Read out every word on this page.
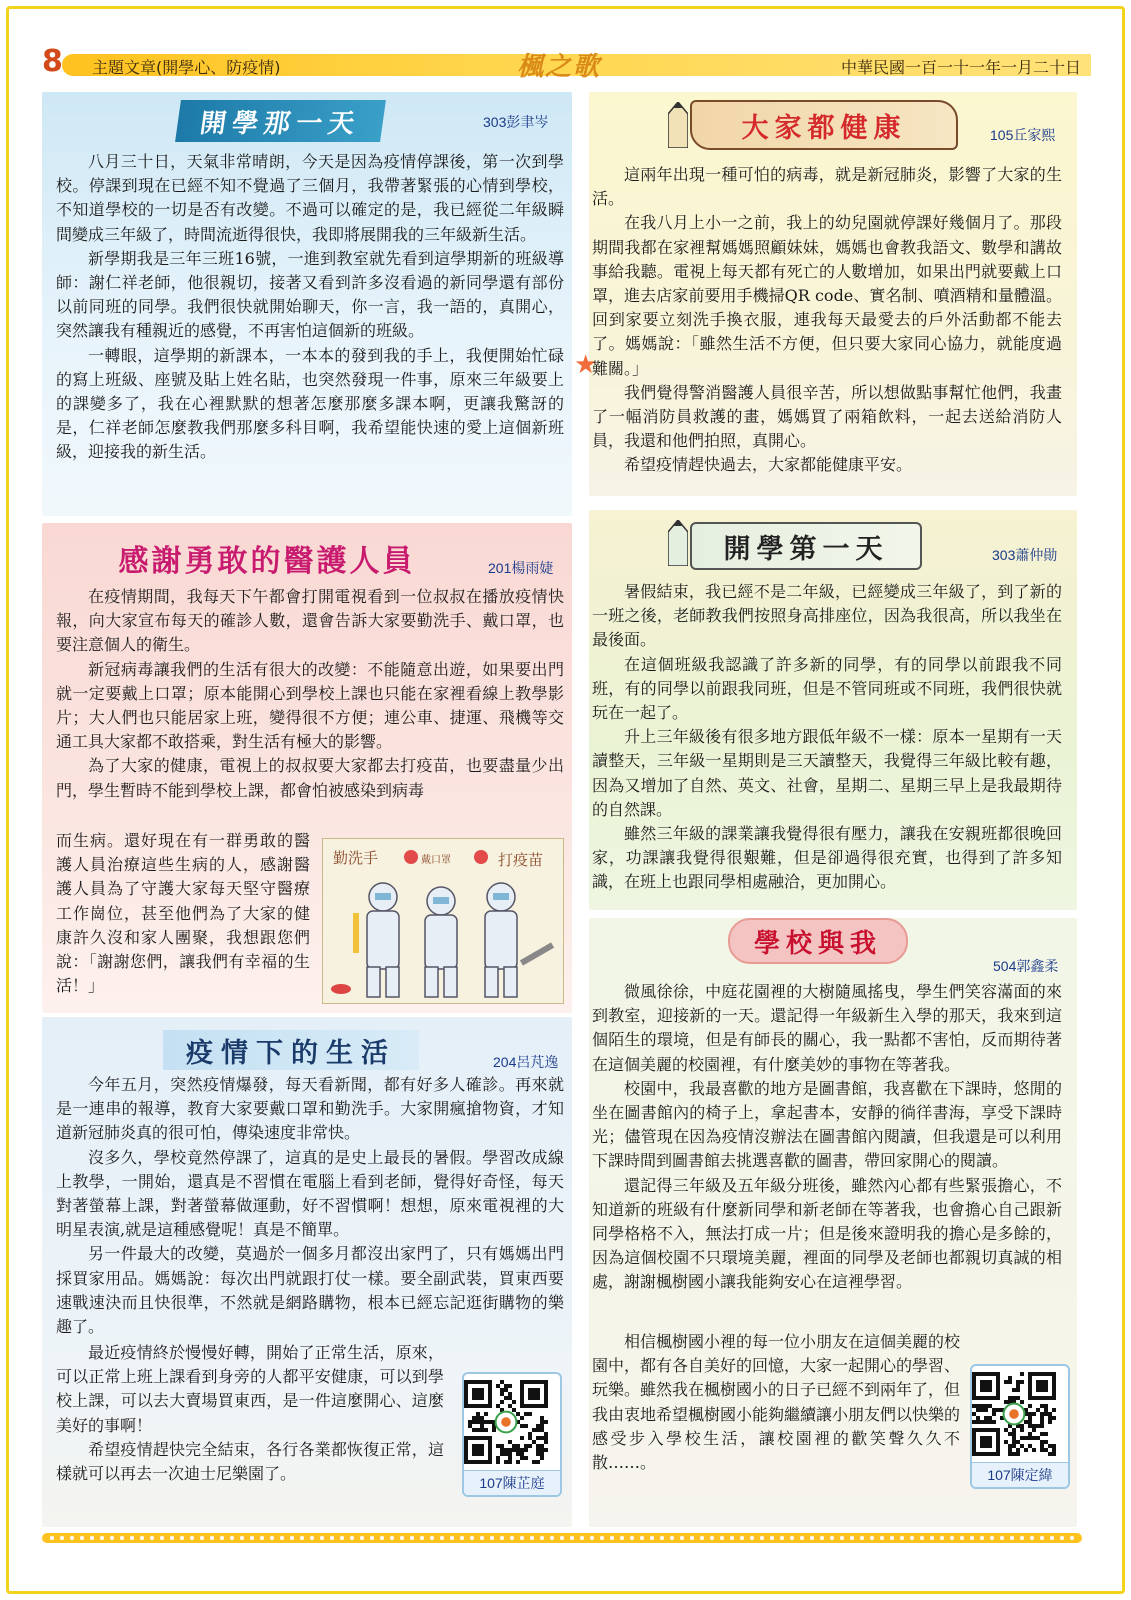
8 主題文章(開學心、防疫情)	楓之歌	中華民國一百一十一年一月二十日
★
開學那一天	303彭聿岑

八月三十日，天氣非常晴朗，今天是因為疫情停課後，第一次到學校。停課到現在已經不知不覺過了三個月，我帶著緊張的心情到學校，不知道學校的一切是否有改變。不過可以確定的是，我已經從二年級瞬間變成三年級了，時間流逝得很快，我即將展開我的三年級新生活。

新學期我是三年三班16號，一進到教室就先看到這學期新的班級導師：謝仁祥老師，他很親切，接著又看到許多沒看過的新同學還有部份以前同班的同學。我們很快就開始聊天，你一言，我一語的，真開心，突然讓我有種親近的感覺，不再害怕這個新的班級。

一轉眼，這學期的新課本，一本本的發到我的手上，我便開始忙碌的寫上班級、座號及貼上姓名貼，也突然發現一件事，原來三年級要上的課變多了，我在心裡默默的想著怎麼那麼多課本啊，更讓我驚訝的是，仁祥老師怎麼教我們那麼多科目啊，我希望能快速的愛上這個新班級，迎接我的新生活。

大家都健康	105丘家熙

這兩年出現一種可怕的病毒，就是新冠肺炎，影響了大家的生活。

在我八月上小一之前，我上的幼兒園就停課好幾個月了。那段期間我都在家裡幫媽媽照顧妹妹，媽媽也會教我語文、數學和講故事給我聽。電視上每天都有死亡的人數增加，如果出門就要戴上口罩，進去店家前要用手機掃QR code、實名制、噴酒精和量體溫。回到家要立刻洗手換衣服，連我每天最愛去的戶外活動都不能去了。媽媽說：「雖然生活不方便，但只要大家同心協力，就能度過難關。」

我們覺得警消醫護人員很辛苦，所以想做點事幫忙他們，我畫了一幅消防員救護的畫，媽媽買了兩箱飲料，一起去送給消防人員，我還和他們拍照，真開心。

希望疫情趕快過去，大家都能健康平安。

感謝勇敢的醫護人員	201楊雨婕

在疫情期間，我每天下午都會打開電視看到一位叔叔在播放疫情快報，向大家宣布每天的確診人數，還會告訴大家要勤洗手、戴口罩，也要注意個人的衛生。

新冠病毒讓我們的生活有很大的改變：不能隨意出遊，如果要出門就一定要戴上口罩；原本能開心到學校上課也只能在家裡看線上教學影片；大人們也只能居家上班，變得很不方便；連公車、捷運、飛機等交通工具大家都不敢搭乘，對生活有極大的影響。

為了大家的健康，電視上的叔叔要大家都去打疫苗，也要盡量少出門，學生暫時不能到學校上課，都會怕被感染到病毒

而生病。還好現在有一群勇敢的醫護人員治療這些生病的人，感謝醫護人員為了守護大家每天堅守醫療工作崗位，甚至他們為了大家的健康許久沒和家人團聚，我想跟您們說：「謝謝您們，讓我們有幸福的生活！」

勤洗手	戴口罩	打疫苗
開學第一天	303蕭仲勛

暑假結束，我已經不是二年級，已經變成三年級了，到了新的一班之後，老師教我們按照身高排座位，因為我很高，所以我坐在最後面。

在這個班級我認識了許多新的同學，有的同學以前跟我不同班，有的同學以前跟我同班，但是不管同班或不同班，我們很快就玩在一起了。

升上三年級後有很多地方跟低年級不一樣：原本一星期有一天讀整天，三年級一星期則是三天讀整天，我覺得三年級比較有趣，因為又增加了自然、英文、社會，星期二、星期三早上是我最期待的自然課。

雖然三年級的課業讓我覺得很有壓力，讓我在安親班都很晚回家，功課讓我覺得很艱難，但是卻過得很充實，也得到了許多知識，在班上也跟同學相處融洽，更加開心。

疫情下的生活	204呂芃逸

今年五月，突然疫情爆發，每天看新聞，都有好多人確診。再來就是一連串的報導，教育大家要戴口罩和勤洗手。大家開瘋搶物資，才知道新冠肺炎真的很可怕，傳染速度非常快。

沒多久，學校竟然停課了，這真的是史上最長的暑假。學習改成線上教學，一開始，還真是不習慣在電腦上看到老師，覺得好奇怪，每天對著螢幕上課，對著螢幕做運動，好不習慣啊！想想，原來電視裡的大明星表演,就是這種感覺呢！真是不簡單。

另一件最大的改變，莫過於一個多月都沒出家門了，只有媽媽出門採買家用品。媽媽說：每次出門就跟打仗一樣。要全副武裝，買東西要速戰速決而且快很準，不然就是網路購物，根本已經忘記逛街購物的樂趣了。

最近疫情終於慢慢好轉，開始了正常生活，原來，可以正常上班上課看到身旁的人都平安健康，可以到學校上課，可以去大賣場買東西，是一件這麼開心、這麼美好的事啊！

希望疫情趕快完全結束，各行各業都恢復正常，這樣就可以再去一次迪士尼樂園了。	107陳芷庭
學校與我
504郭鑫柔

微風徐徐，中庭花園裡的大樹隨風搖曳，學生們笑容滿面的來到教室，迎接新的一天。還記得一年級新生入學的那天，我來到這個陌生的環境，但是有師長的關心，我一點都不害怕，反而期待著在這個美麗的校園裡，有什麼美妙的事物在等著我。

校園中，我最喜歡的地方是圖書館，我喜歡在下課時，悠閒的坐在圖書館內的椅子上，拿起書本，安靜的徜徉書海，享受下課時光；儘管現在因為疫情沒辦法在圖書館內閱讀，但我還是可以利用下課時間到圖書館去挑選喜歡的圖書，帶回家開心的閱讀。

還記得三年級及五年級分班後，雖然內心都有些緊張擔心，不知道新的班級有什麼新同學和新老師在等著我，也會擔心自己跟新同學格格不入，無法打成一片；但是後來證明我的擔心是多餘的，因為這個校園不只環境美麗，裡面的同學及老師也都親切真誠的相處，謝謝楓樹國小讓我能夠安心在這裡學習。

相信楓樹國小裡的每一位小朋友在這個美麗的校園中，都有各自美好的回憶，大家一起開心的學習、玩樂。雖然我在楓樹國小的日子已經不到兩年了，但我由衷地希望楓樹國小能夠繼續讓小朋友們以快樂的感受步入學校生活，讓校園裡的歡笑聲久久不散……。

107陳定緯
